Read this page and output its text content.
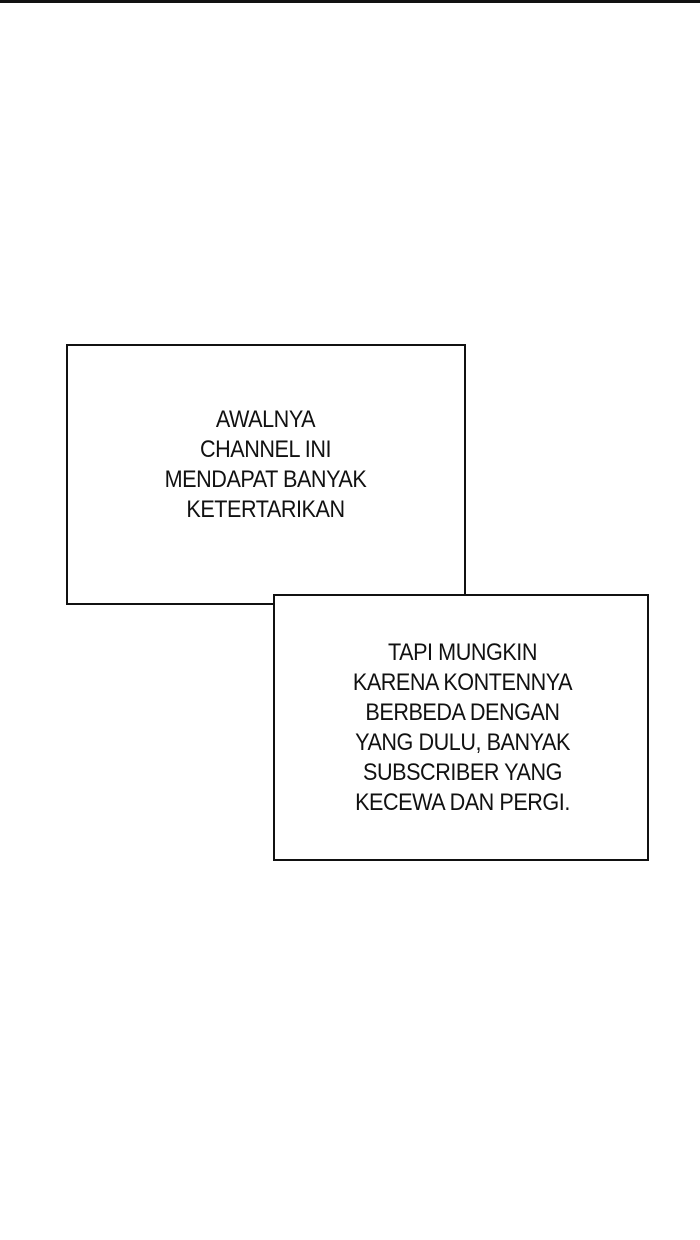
AWALNYA
CHANNEL INI
MENDAPAT BANYAK
KETERTARIKAN
TAPI MUNGKIN
KARENA KONTENNYA
BERBEDA DENGAN
YANG DULU, BANYAK
SUBSCRIBER YANG
KECEWA DAN PERGI.
